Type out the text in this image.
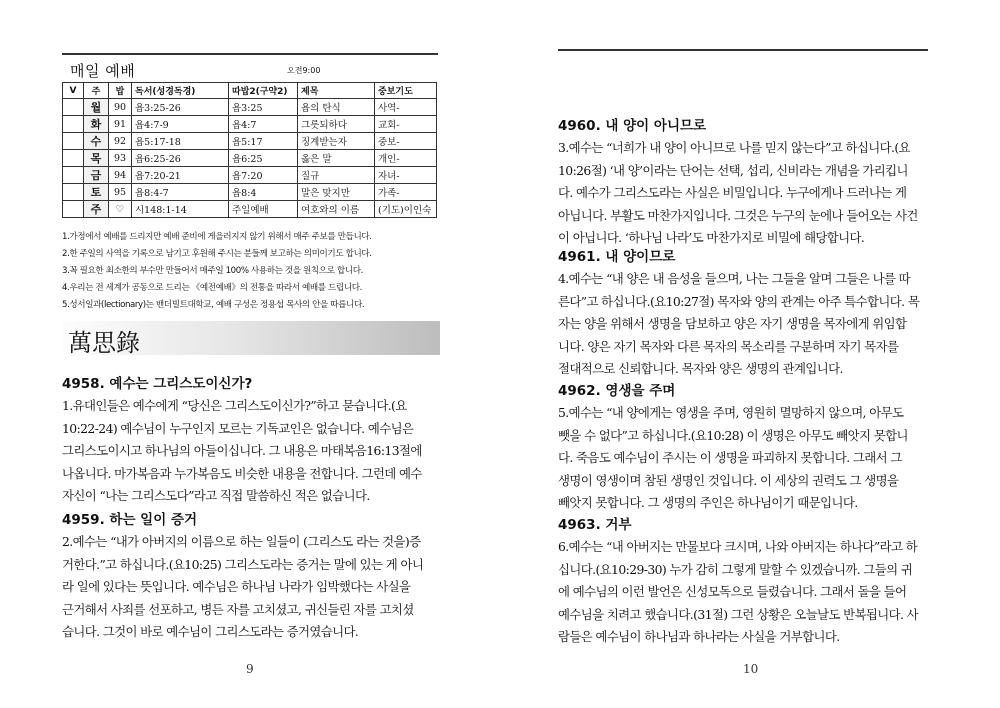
매일 예배	오전9:00
V	주	밥	독서(성경독경)	따밥2(구약2)	제목	중보기도
	월	90	욥3:25-26	욥3:25	욥의 탄식	사역-
	화	91	욥4:7-9	욥4:7	그릇되하다	교회-
	수	92	욥5:17-18	욥5:17	징계받는자	중보-
	목	93	욥6:25-26	욥6:25	옳은 말	개인-
	금	94	욥7:20-21	욥7:20	질규	자녀-
	토	95	욥8:4-7	욥8:4	말은 맞지만	가족-
	주	♡	시148:1-14	주일예배	여호와의 이름	(기도)이인숙
1.가정에서 예배를 드리지만 예배 준비에 게을러지지 않기 위해서 매주 주보를 만듭니다.
2.한 주일의 사역을 기록으로 남기고 후원해 주시는 분들께 보고하는 의미이기도 합니다.
3.꼭 필요한 최소한의 부수만 만들어서 매주일 100% 사용하는 것을 원칙으로 합니다.
4.우리는 전 세계가 공동으로 드리는 《예전예배》의 전통을 따라서 예배를 드립니다.
5.성서일과(lectionary)는 밴더빌트대학교, 예배 구성은 정용섭 목사의 안을 따릅니다.
萬思錄
4958. 예수는 그리스도이신가?
1.유대인들은 예수에게 “당신은 그리스도이신가?”하고 묻습니다.(요
10:22-24) 예수님이 누구인지 모르는 기독교인은 없습니다. 예수님은
그리스도이시고 하나님의 아들이십니다. 그 내용은 마태복음16:13절에
나옵니다. 마가복음과 누가복음도 비슷한 내용을 전합니다. 그런데 예수
자신이 “나는 그리스도다”라고 직접 말씀하신 적은 없습니다.
4959. 하는 일이 증거
2.예수는 “내가 아버지의 이름으로 하는 일들이 (그리스도 라는 것을)증
거한다.”고 하십니다.(요10:25) 그리스도라는 증거는 말에 있는 게 아니
라 일에 있다는 뜻입니다. 예수님은 하나님 나라가 임박했다는 사실을
근거해서 사죄를 선포하고, 병든 자를 고치셨고, 귀신들린 자를 고치셨
습니다. 그것이 바로 예수님이 그리스도라는 증거였습니다.
9
4960. 내 양이 아니므로
3.예수는 “너희가 내 양이 아니므로 나를 믿지 않는다”고 하십니다.(요
10:26절) ‘내 양’이라는 단어는 선택, 섭리, 신비라는 개념을 가리킵니
다. 예수가 그리스도라는 사실은 비밀입니다. 누구에게나 드러나는 게
아닙니다. 부활도 마찬가지입니다. 그것은 누구의 눈에나 들어오는 사건
이 아닙니다. ‘하나님 나라’도 마찬가지로 비밀에 해당합니다.
4961. 내 양이므로
4.예수는 “내 양은 내 음성을 들으며, 나는 그들을 알며 그들은 나를 따
른다”고 하십니다.(요10:27절) 목자와 양의 관계는 아주 특수합니다. 목
자는 양을 위해서 생명을 담보하고 양은 자기 생명을 목자에게 위임합
니다. 양은 자기 목자와 다른 목자의 목소리를 구분하며 자기 목자를
절대적으로 신뢰합니다. 목자와 양은 생명의 관계입니다.
4962. 영생을 주며
5.예수는 “내 양에게는 영생을 주며, 영원히 멸망하지 않으며, 아무도
뺏을 수 없다”고 하십니다.(요10:28) 이 생명은 아무도 빼앗지 못합니
다. 죽음도 예수님이 주시는 이 생명을 파괴하지 못합니다. 그래서 그
생명이 영생이며 참된 생명인 것입니다. 이 세상의 권력도 그 생명을
빼앗지 못합니다. 그 생명의 주인은 하나님이기 때문입니다.
4963. 거부
6.예수는 “내 아버지는 만물보다 크시며, 나와 아버지는 하나다”라고 하
십니다.(요10:29-30) 누가 감히 그렇게 말할 수 있겠습니까. 그들의 귀
에 예수님의 이런 발언은 신성모독으로 들렸습니다. 그래서 돌을 들어
예수님을 치려고 했습니다.(31절) 그런 상황은 오늘날도 반복됩니다. 사
람들은 예수님이 하나님과 하나라는 사실을 거부합니다.
10
